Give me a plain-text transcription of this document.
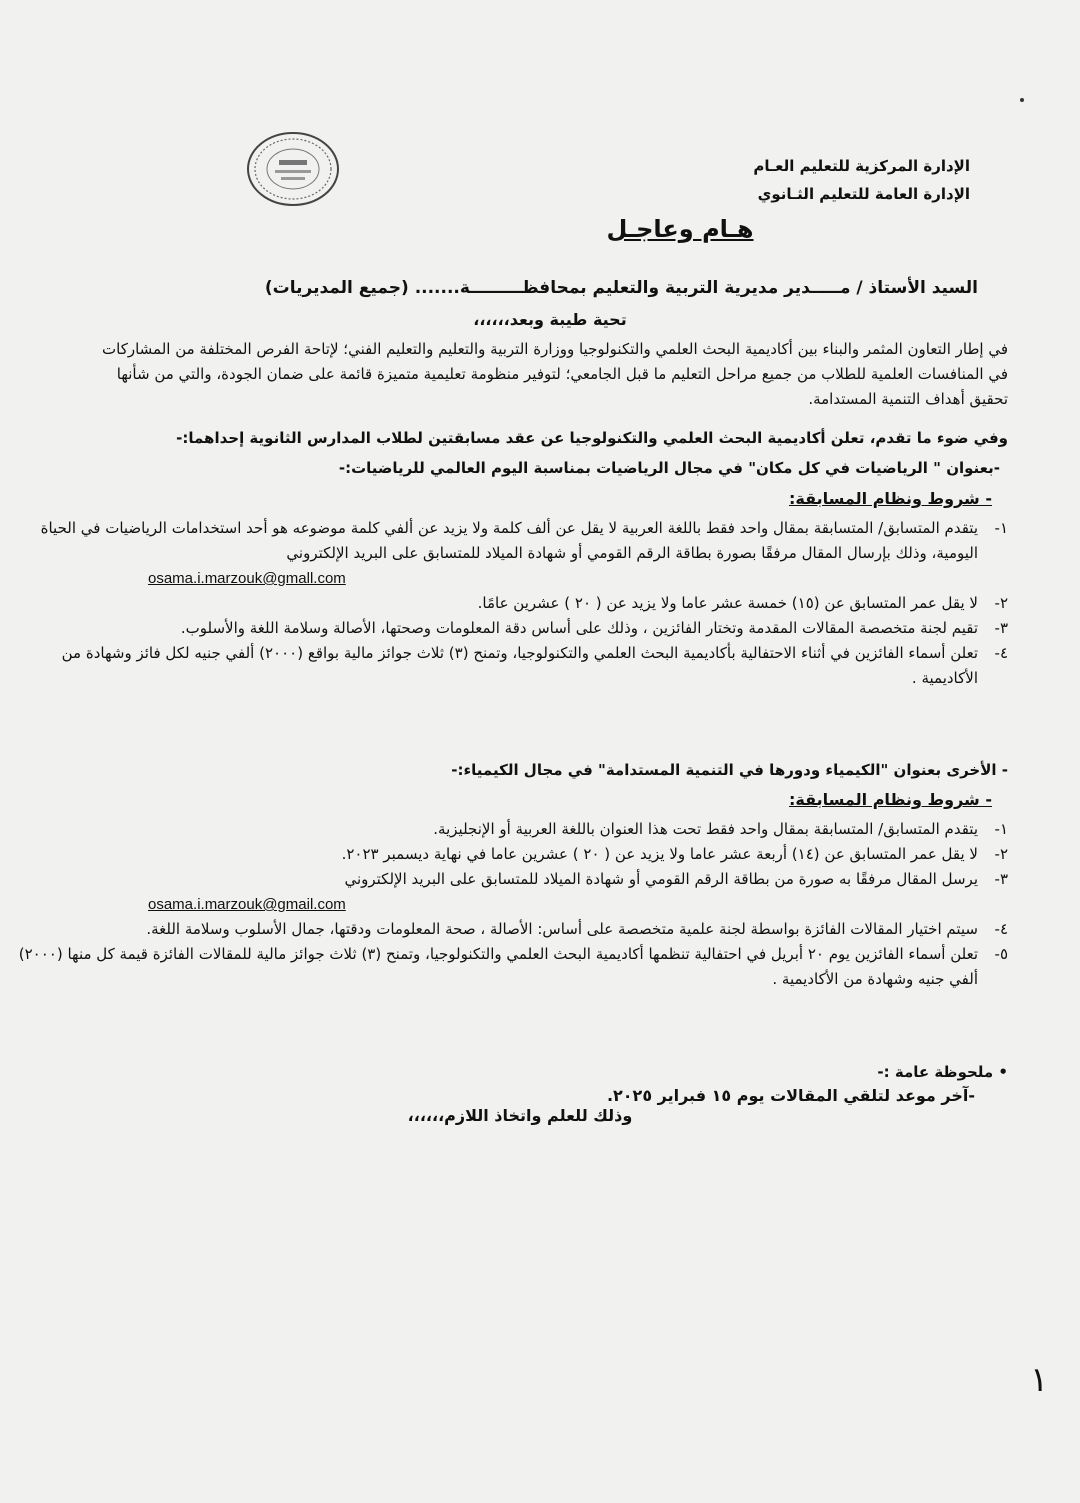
الإدارة المركزية للتعليم العـام
الإدارة العامة للتعليم الثـانوي
هـام وعاجـل
السيد الأستاذ / مـــــدير مديرية التربية والتعليم بمحافظـــــــــة....... (جميع المديريات)
تحية طيبة وبعد،،،،،،
في إطار التعاون المثمر والبناء بين أكاديمية البحث العلمي والتكنولوجيا ووزارة التربية والتعليم والتعليم الفني؛ لإتاحة الفرص المختلفة من المشاركات في المنافسات العلمية للطلاب من جميع مراحل التعليم ما قبل الجامعي؛ لتوفير منظومة تعليمية متميزة قائمة على ضمان الجودة، والتي من شأنها تحقيق أهداف التنمية المستدامة.
وفي ضوء ما تقدم، تعلن أكاديمية البحث العلمي والتكنولوجيا عن عقد مسابقتين لطلاب المدارس الثانوية إحداهما:-
-بعنوان " الرياضيات في كل مكان" في مجال الرياضيات بمناسبة اليوم العالمي للرياضيات:-
- شروط ونظام المسابقة:
١-
يتقدم المتسابق/ المتسابقة بمقال واحد فقط باللغة العربية لا يقل عن ألف كلمة ولا يزيد عن ألفي كلمة موضوعه هو أحد استخدامات الرياضيات في الحياة اليومية، وذلك بإرسال المقال مرفقًا بصورة بطاقة الرقم القومي أو شهادة الميلاد للمتسابق على البريد الإلكتروني
osama.i.marzouk@gmall.com
٢-
لا يقل عمر المتسابق عن (١٥) خمسة عشر عاما ولا يزيد عن ( ٢٠ ) عشرين عامًا.
٣-
تقيم لجنة متخصصة المقالات المقدمة وتختار الفائزين ، وذلك على أساس دقة المعلومات وصحتها، الأصالة وسلامة اللغة والأسلوب.
٤-
تعلن أسماء الفائزين في أثناء الاحتفالية بأكاديمية البحث العلمي والتكنولوجيا، وتمنح (٣) ثلاث جوائز مالية بواقع (٢٠٠٠) ألفي جنيه لكل فائز وشهادة من الأكاديمية .
- الأخرى بعنوان "الكيمياء ودورها في التنمية المستدامة" في مجال الكيمياء:-
- شروط ونظام المسابقة:
١-
يتقدم المتسابق/ المتسابقة بمقال واحد فقط تحت هذا العنوان باللغة العربية أو الإنجليزية.
٢-
لا يقل عمر المتسابق عن (١٤) أربعة عشر عاما ولا يزيد عن ( ٢٠ ) عشرين عاما في نهاية ديسمبر ٢٠٢٣.
٣-
يرسل المقال مرفقًا به صورة من بطاقة الرقم القومي أو شهادة الميلاد للمتسابق على البريد الإلكتروني
osama.i.marzouk@gmail.com
٤-
سيتم اختيار المقالات الفائزة بواسطة لجنة علمية متخصصة على أساس: الأصالة ، صحة المعلومات ودقتها، جمال الأسلوب وسلامة اللغة.
٥-
تعلن أسماء الفائزين يوم ٢٠ أبريل في احتفالية تنظمها أكاديمية البحث العلمي والتكنولوجيا، وتمنح (٣) ثلاث جوائز مالية للمقالات الفائزة قيمة كل منها (٢٠٠٠) ألفي جنيه وشهادة من الأكاديمية .
• ملحوظة عامة :-
-آخر موعد لتلقي المقالات يوم ١٥ فبراير ٢٠٢٥.
وذلك للعلم واتخاذ اللازم،،،،،،
١
